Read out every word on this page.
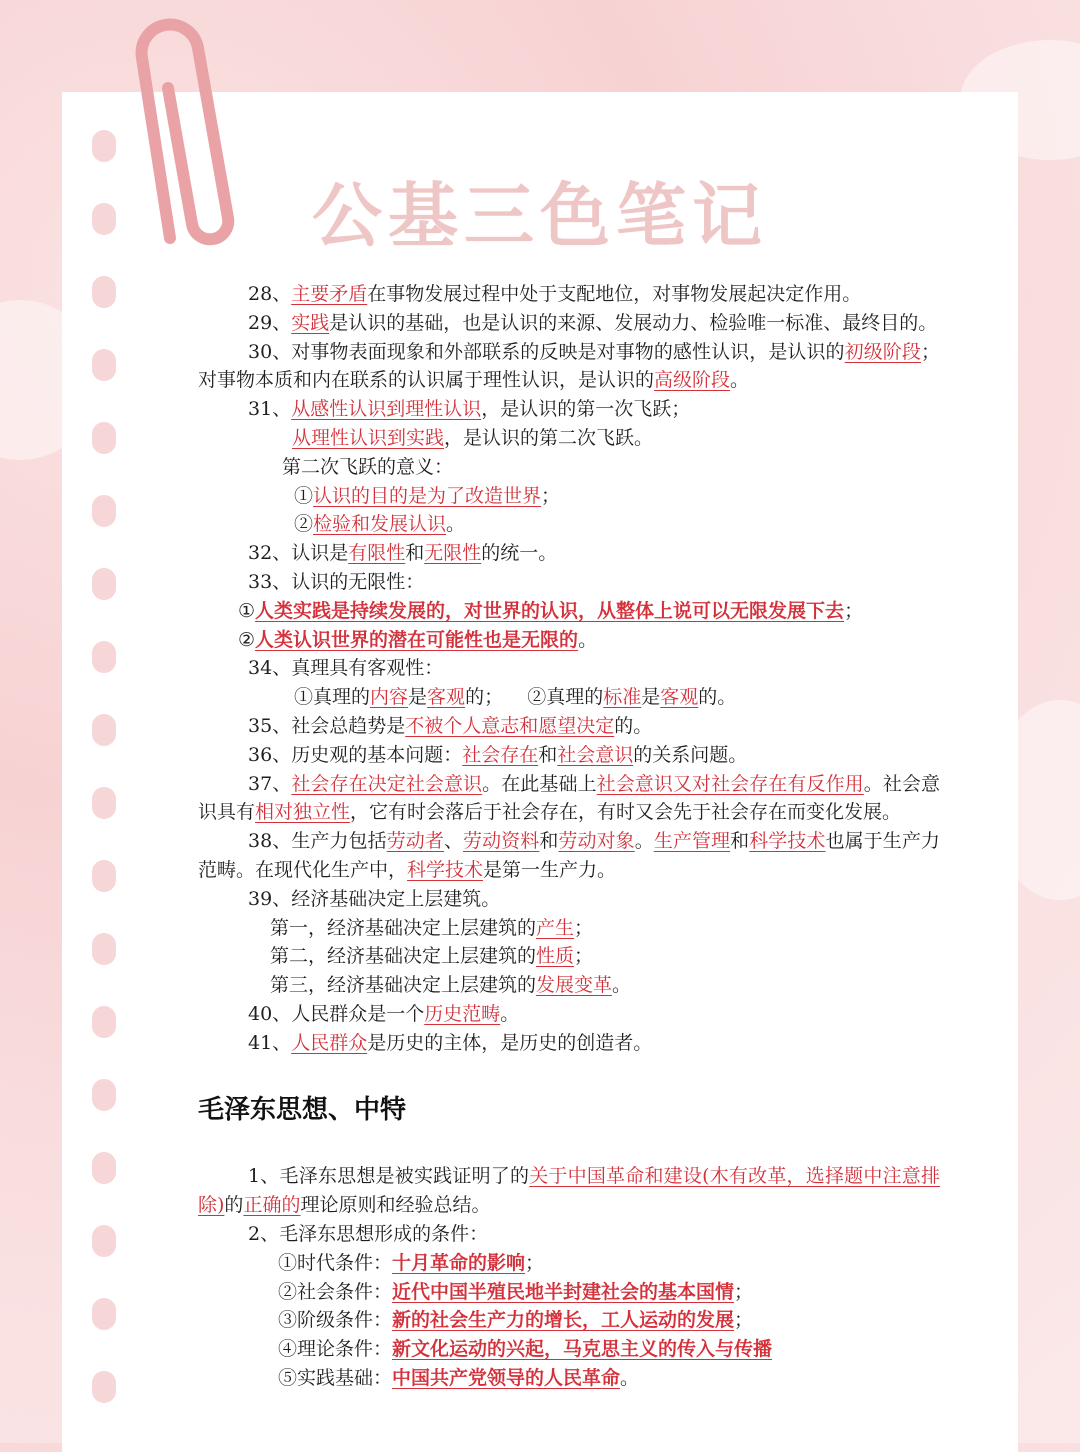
公基三色笔记

28、主要矛盾在事物发展过程中处于支配地位，对事物发展起决定作用。

29、实践是认识的基础，也是认识的来源、发展动力、检验唯一标准、最终目的。

30、对事物表面现象和外部联系的反映是对事物的感性认识，是认识的初级阶段； 对事物本质和内在联系的认识属于理性认识，是认识的高级阶段。

31、从感性认识到理性认识，是认识的第一次飞跃；

从理性认识到实践，是认识的第二次飞跃。

第二次飞跃的意义：

①认识的目的是为了改造世界；

②检验和发展认识。

32、认识是有限性和无限性的统一。

33、认识的无限性：

①人类实践是持续发展的，对世界的认识，从整体上说可以无限发展下去；

②人类认识世界的潜在可能性也是无限的。

34、真理具有客观性：

①真理的内容是客观的；    ②真理的标准是客观的。

35、社会总趋势是不被个人意志和愿望决定的。

36、历史观的基本问题：社会存在和社会意识的关系问题。

37、社会存在决定社会意识。在此基础上社会意识又对社会存在有反作用。社会意识具有相对独立性，它有时会落后于社会存在，有时又会先于社会存在而变化发展。

38、生产力包括劳动者、劳动资料和劳动对象。生产管理和科学技术也属于生产力范畴。在现代化生产中，科学技术是第一生产力。

39、经济基础决定上层建筑。

第一，经济基础决定上层建筑的产生；

第二，经济基础决定上层建筑的性质；

第三，经济基础决定上层建筑的发展变革。

40、人民群众是一个历史范畴。

41、人民群众是历史的主体，是历史的创造者。

毛泽东思想、中特

1、毛泽东思想是被实践证明了的关于中国革命和建设(木有改革，选择题中注意排除)的正确的理论原则和经验总结。

2、毛泽东思想形成的条件：

①时代条件：十月革命的影响；

②社会条件：近代中国半殖民地半封建社会的基本国情；

③阶级条件：新的社会生产力的增长，工人运动的发展；

④理论条件：新文化运动的兴起，马克思主义的传入与传播

⑤实践基础：中国共产党领导的人民革命。
